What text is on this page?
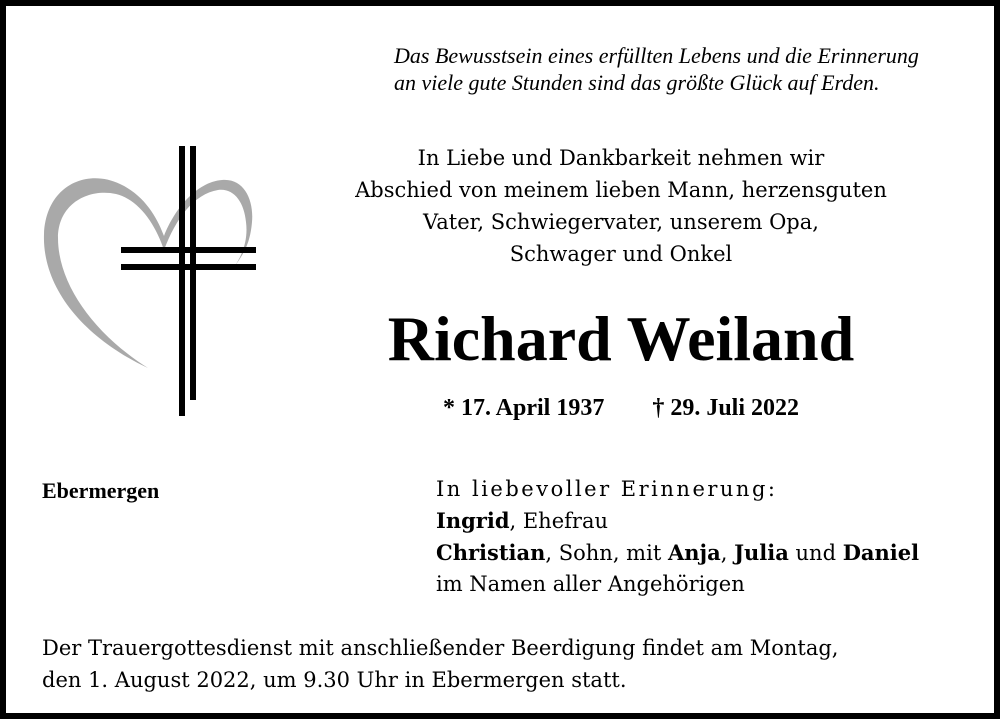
Das Bewusstsein eines erfüllten Lebens und die Erinnerung
an viele gute Stunden sind das größte Glück auf Erden.
In Liebe und Dankbarkeit nehmen wir
Abschied von meinem lieben Mann, herzensguten
Vater, Schwiegervater, unserem Opa,
Schwager und Onkel
Richard Weiland
* 17. April 1937 † 29. Juli 2022
Ebermergen	In liebevoller Erinnerung:
Ingrid, Ehefrau
Christian, Sohn, mit Anja, Julia und Daniel
im Namen aller Angehörigen
Der Trauergottesdienst mit anschließender Beerdigung findet am Montag,
den 1. August 2022, um 9.30 Uhr in Ebermergen statt.
